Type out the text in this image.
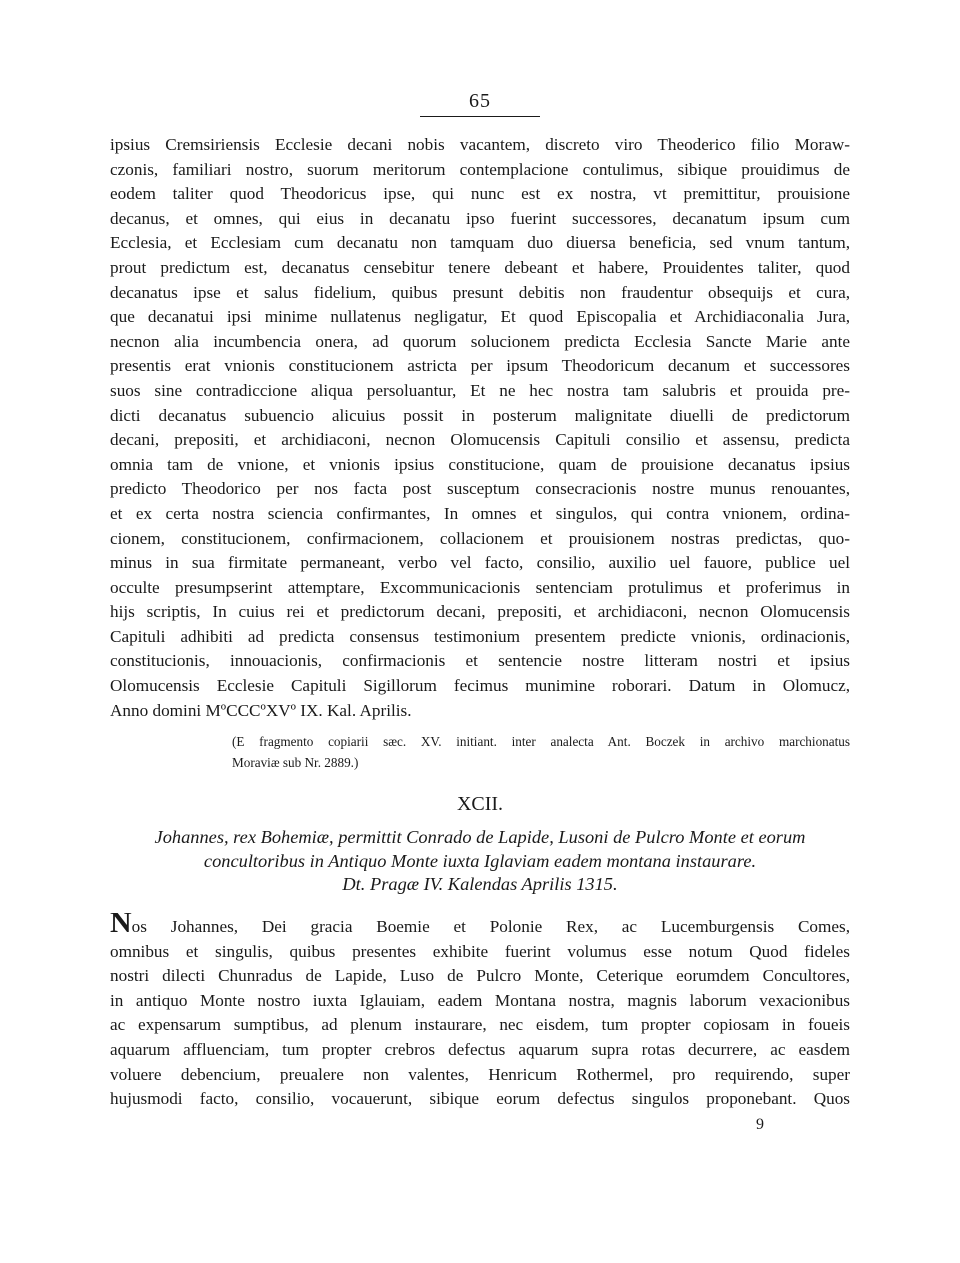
65
ipsius Cremsiriensis Ecclesie decani nobis vacantem, discreto viro Theoderico filio Moraw-
czonis, familiari nostro, suorum meritorum contemplacione contulimus, sibique prouidimus de
eodem taliter quod Theodoricus ipse, qui nunc est ex nostra, vt premittitur, prouisione
decanus, et omnes, qui eius in decanatu ipso fuerint successores, decanatum ipsum cum
Ecclesia, et Ecclesiam cum decanatu non tamquam duo diuersa beneficia, sed vnum tantum,
prout predictum est, decanatus censebitur tenere debeant et habere, Prouidentes taliter, quod
decanatus ipse et salus fidelium, quibus presunt debitis non fraudentur obsequijs et cura,
que decanatui ipsi minime nullatenus negligatur, Et quod Episcopalia et Archidiaconalia Jura,
necnon alia incumbencia onera, ad quorum solucionem predicta Ecclesia Sancte Marie ante
presentis erat vnionis constitucionem astricta per ipsum Theodoricum decanum et successores
suos sine contradiccione aliqua persoluantur, Et ne hec nostra tam salubris et prouida pre-
dicti decanatus subuencio alicuius possit in posterum malignitate diuelli de predictorum
decani, prepositi, et archidiaconi, necnon Olomucensis Capituli consilio et assensu, predicta
omnia tam de vnione, et vnionis ipsius constitucione, quam de prouisione decanatus ipsius
predicto Theodorico per nos facta post susceptum consecracionis nostre munus renouantes,
et ex certa nostra sciencia confirmantes, In omnes et singulos, qui contra vnionem, ordina-
cionem, constitucionem, confirmacionem, collacionem et prouisionem nostras predictas, quo-
minus in sua firmitate permaneant, verbo vel facto, consilio, auxilio uel fauore, publice uel
occulte presumpserint attemptare, Excommunicacionis sentenciam protulimus et proferimus in
hijs scriptis, In cuius rei et predictorum decani, prepositi, et archidiaconi, necnon Olomucensis
Capituli adhibiti ad predicta consensus testimonium presentem predicte vnionis, ordinacionis,
constitucionis, innouacionis, confirmacionis et sentencie nostre litteram nostri et ipsius
Olomucensis Ecclesie Capituli Sigillorum fecimus munimine roborari. Datum in Olomucz,
Anno domini MºCCCºXVº IX. Kal. Aprilis.
(E fragmento copiarii sæc. XV. initiant. inter analecta Ant. Boczek in archivo marchionatus
Moraviæ sub Nr. 2889.)
XCII.
Johannes, rex Bohemiæ, permittit Conrado de Lapide, Lusoni de Pulcro Monte et eorum
concultoribus in Antiquo Monte iuxta Iglaviam eadem montana instaurare.
Dt. Pragæ IV. Kalendas Aprilis 1315.
Nos Johannes, Dei gracia Boemie et Polonie Rex, ac Lucemburgensis Comes,
omnibus et singulis, quibus presentes exhibite fuerint volumus esse notum Quod fideles
nostri dilecti Chunradus de Lapide, Luso de Pulcro Monte, Ceterique eorumdem Concultores,
in antiquo Monte nostro iuxta Iglauiam, eadem Montana nostra, magnis laborum vexacionibus
ac expensarum sumptibus, ad plenum instaurare, nec eisdem, tum propter copiosam in foueis
aquarum affluenciam, tum propter crebros defectus aquarum supra rotas decurrere, ac easdem
voluere debencium, preualere non valentes, Henricum Rothermel, pro requirendo, super
hujusmodi facto, consilio, vocauerunt, sibique eorum defectus singulos proponebant. Quos
9
